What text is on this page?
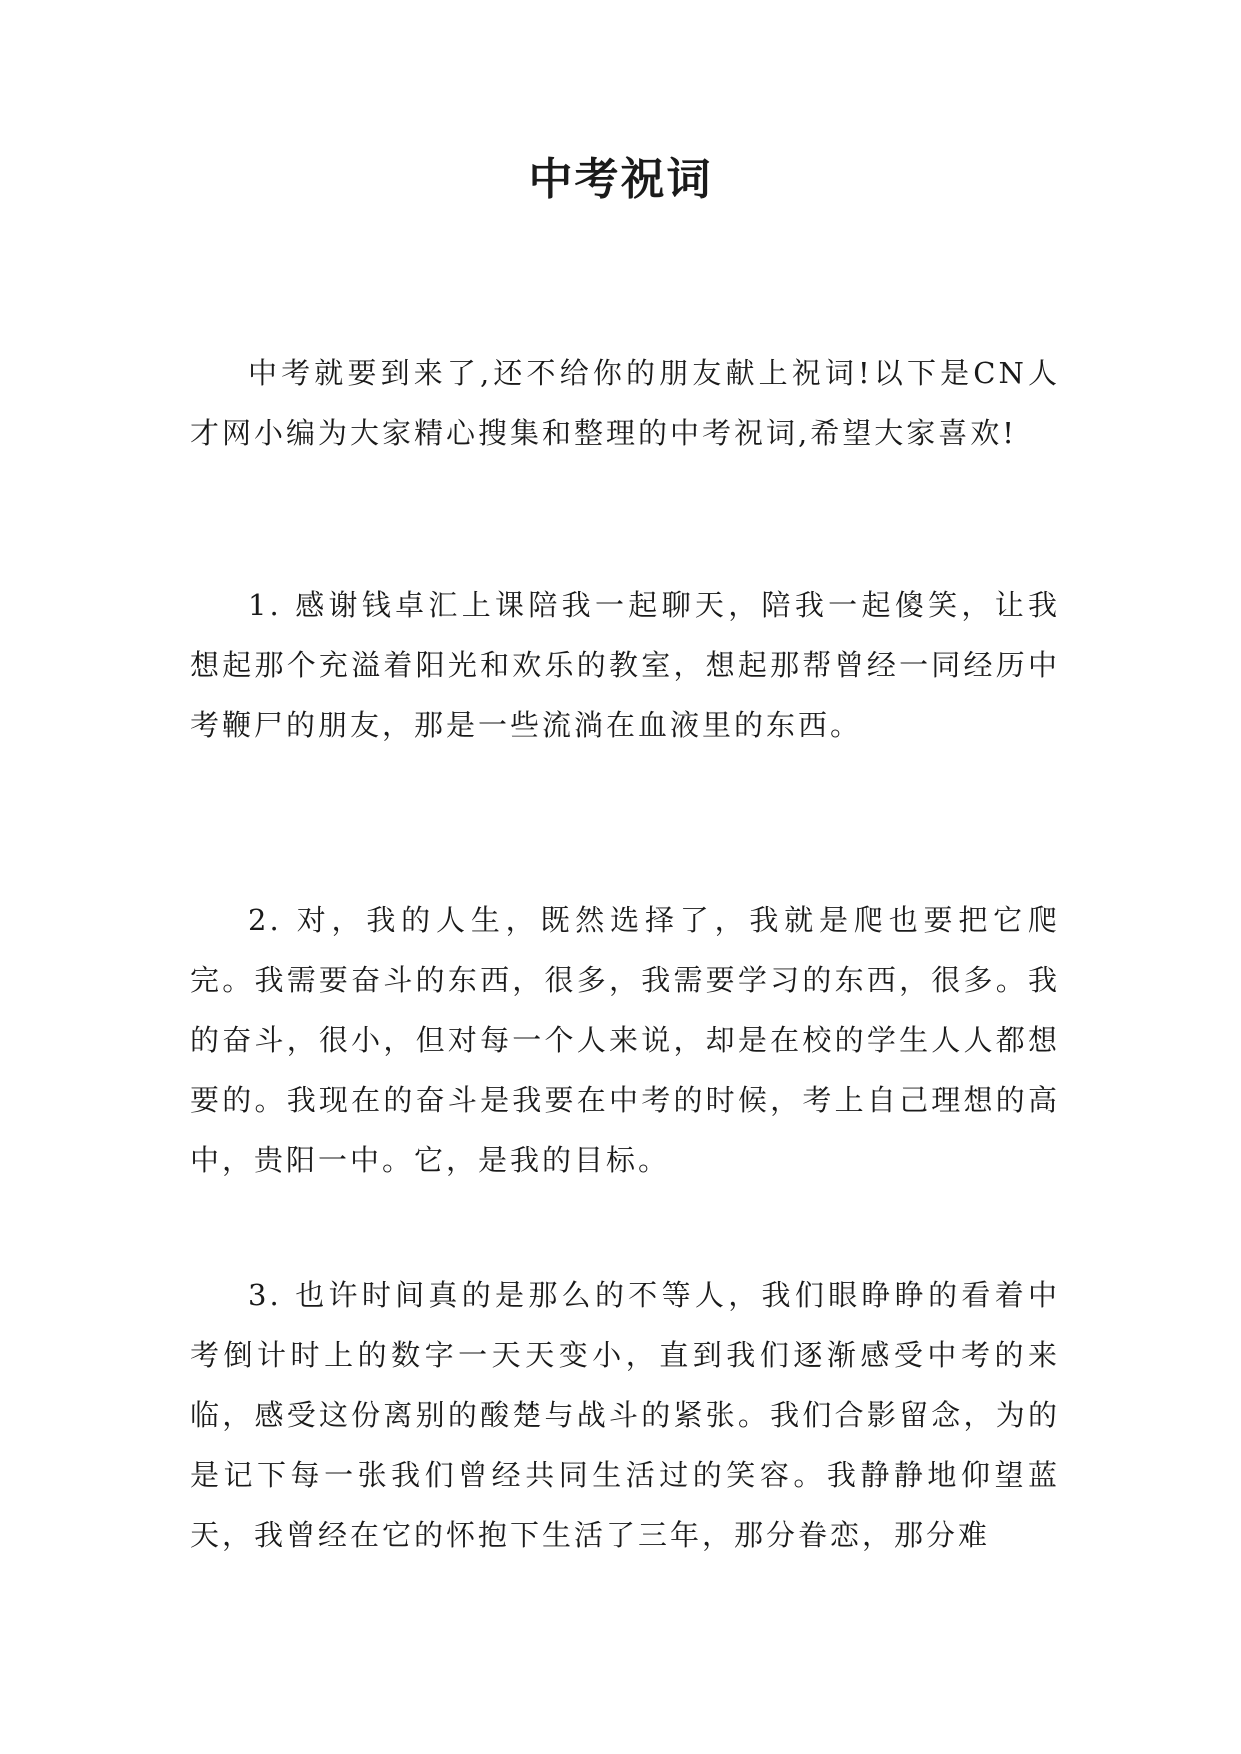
中考祝词
中考就要到来了,还不给你的朋友献上祝词!以下是CN人才网小编为大家精心搜集和整理的中考祝词,希望大家喜欢!
1. 感谢钱卓汇上课陪我一起聊天，陪我一起傻笑，让我想起那个充溢着阳光和欢乐的教室，想起那帮曾经一同经历中考鞭尸的朋友，那是一些流淌在血液里的东西。
2. 对，我的人生，既然选择了，我就是爬也要把它爬完。我需要奋斗的东西，很多，我需要学习的东西，很多。我的奋斗，很小，但对每一个人来说，却是在校的学生人人都想要的。我现在的奋斗是我要在中考的时候，考上自己理想的高中，贵阳一中。它，是我的目标。
3. 也许时间真的是那么的不等人，我们眼睁睁的看着中考倒计时上的数字一天天变小，直到我们逐渐感受中考的来临，感受这份离别的酸楚与战斗的紧张。我们合影留念，为的是记下每一张我们曾经共同生活过的笑容。我静静地仰望蓝天，我曾经在它的怀抱下生活了三年，那分眷恋，那分难
